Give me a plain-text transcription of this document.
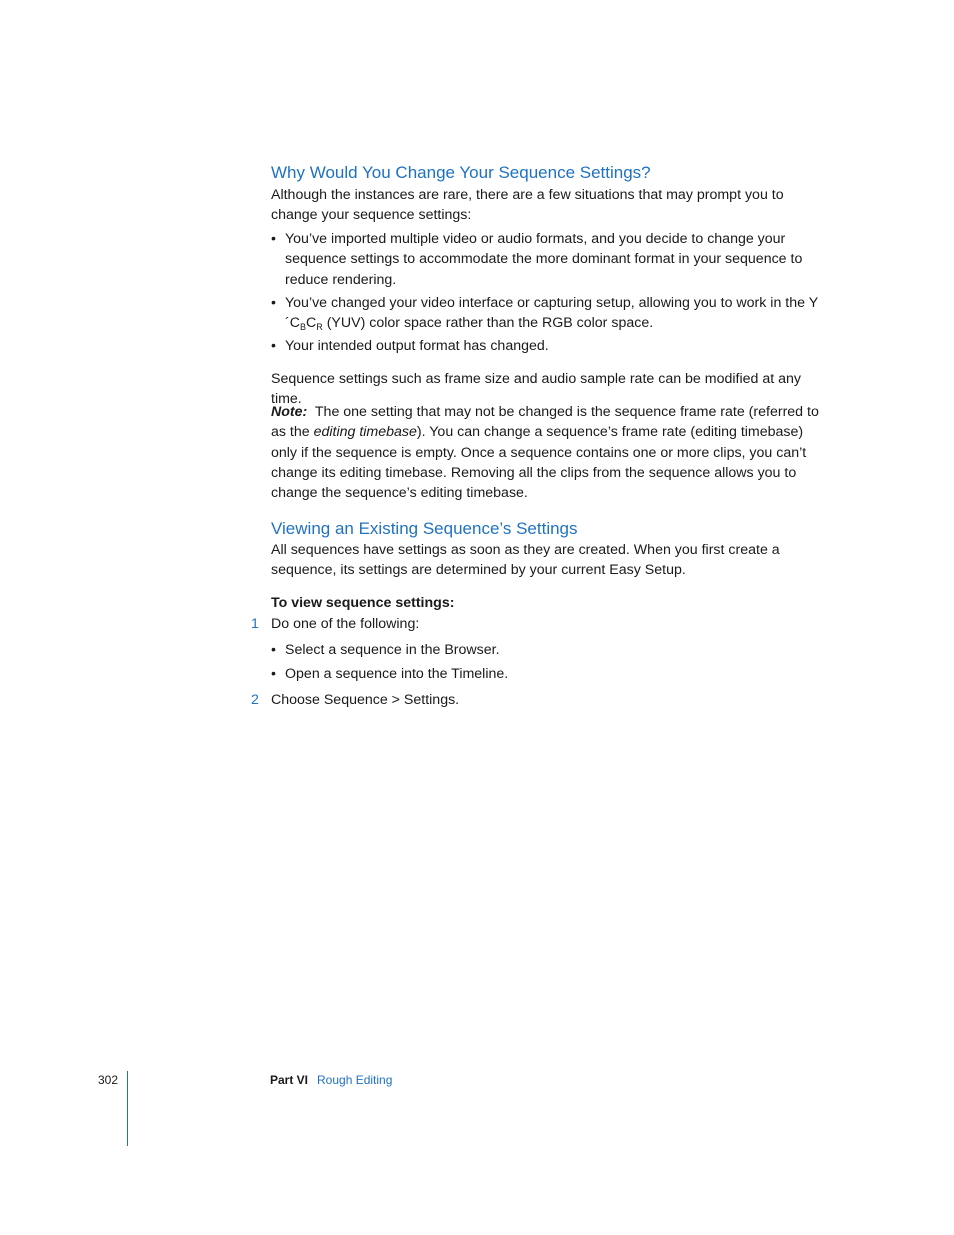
Why Would You Change Your Sequence Settings?

Although the instances are rare, there are a few situations that may prompt you to change your sequence settings:

• You’ve imported multiple video or audio formats, and you decide to change your sequence settings to accommodate the more dominant format in your sequence to reduce rendering.
• You’ve changed your video interface or capturing setup, allowing you to work in the $Y´C_BC_R$ (YUV) color space rather than the RGB color space.
• Your intended output format has changed.

Sequence settings such as frame size and audio sample rate can be modified at any time.

Note:  The one setting that may not be changed is the sequence frame rate (referred to as the editing timebase). You can change a sequence’s frame rate (editing timebase) only if the sequence is empty. Once a sequence contains one or more clips, you can’t change its editing timebase. Removing all the clips from the sequence allows you to change the sequence’s editing timebase.

Viewing an Existing Sequence’s Settings

All sequences have settings as soon as they are created. When you first create a sequence, its settings are determined by your current Easy Setup.

To view sequence settings:

1 Do one of the following:
• Select a sequence in the Browser.
• Open a sequence into the Timeline.
2 Choose Sequence > Settings.
302	Part VI Rough Editing
